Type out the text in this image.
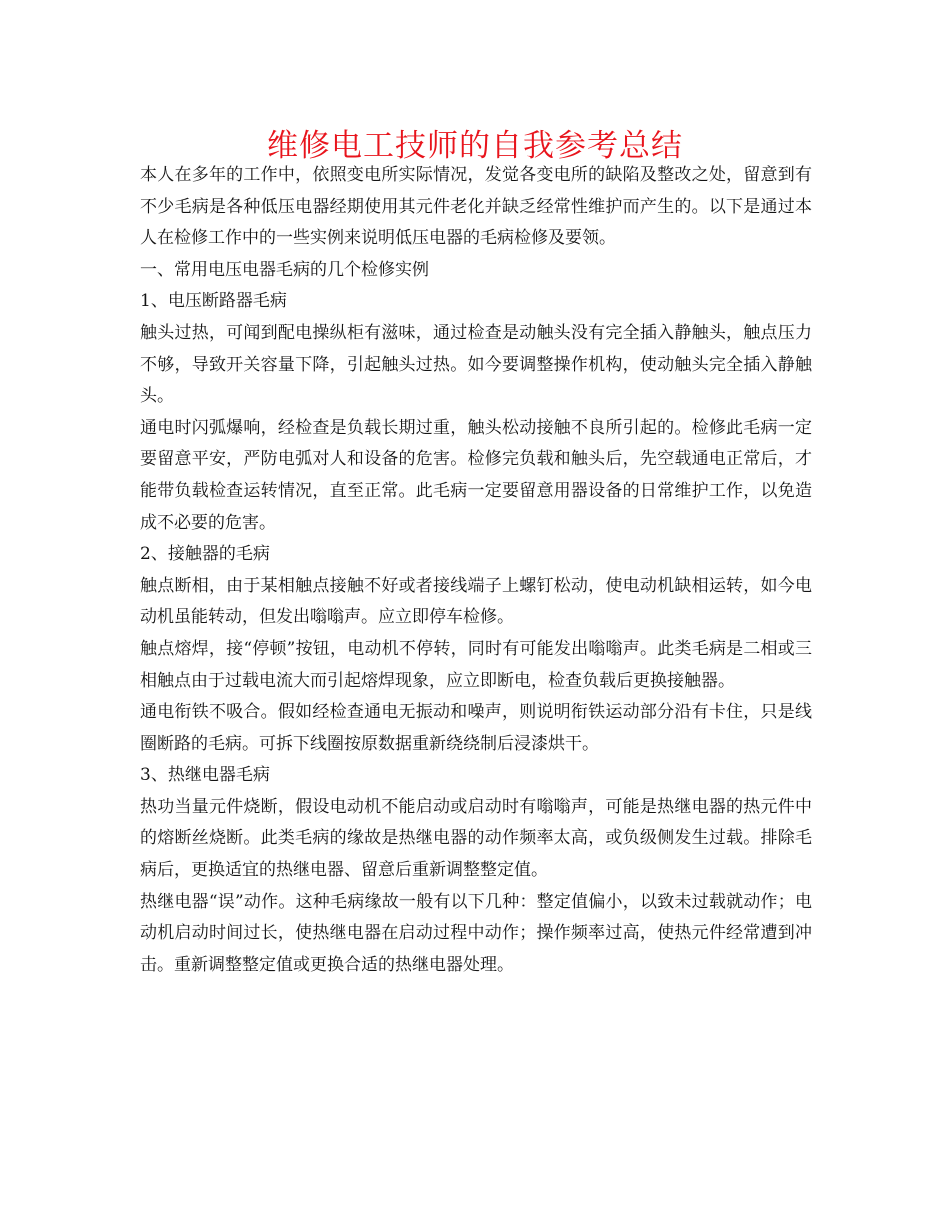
维修电工技师的自我参考总结

本人在多年的工作中，依照变电所实际情况，发觉各变电所的缺陷及整改之处，留意到有不少毛病是各种低压电器经期使用其元件老化并缺乏经常性维护而产生的。以下是通过本人在检修工作中的一些实例来说明低压电器的毛病检修及要领。

一、常用电压电器毛病的几个检修实例

1、电压断路器毛病

触头过热，可闻到配电操纵柜有滋味，通过检查是动触头没有完全插入静触头，触点压力不够，导致开关容量下降，引起触头过热。如今要调整操作机构，使动触头完全插入静触头。

通电时闪弧爆响，经检查是负载长期过重，触头松动接触不良所引起的。检修此毛病一定要留意平安，严防电弧对人和设备的危害。检修完负载和触头后，先空载通电正常后，才能带负载检查运转情况，直至正常。此毛病一定要留意用器设备的日常维护工作，以免造成不必要的危害。

2、接触器的毛病

触点断相，由于某相触点接触不好或者接线端子上螺钉松动，使电动机缺相运转，如今电动机虽能转动，但发出嗡嗡声。应立即停车检修。

触点熔焊，接“停顿”按钮，电动机不停转，同时有可能发出嗡嗡声。此类毛病是二相或三相触点由于过载电流大而引起熔焊现象，应立即断电，检查负载后更换接触器。

通电衔铁不吸合。假如经检查通电无振动和噪声，则说明衔铁运动部分沿有卡住，只是线圈断路的毛病。可拆下线圈按原数据重新绕绕制后浸漆烘干。

3、热继电器毛病

热功当量元件烧断，假设电动机不能启动或启动时有嗡嗡声，可能是热继电器的热元件中的熔断丝烧断。此类毛病的缘故是热继电器的动作频率太高，或负级侧发生过载。排除毛病后，更换适宜的热继电器、留意后重新调整整定值。

热继电器“误”动作。这种毛病缘故一般有以下几种：整定值偏小，以致未过载就动作；电动机启动时间过长，使热继电器在启动过程中动作；操作频率过高，使热元件经常遭到冲击。重新调整整定值或更换合适的热继电器处理。
